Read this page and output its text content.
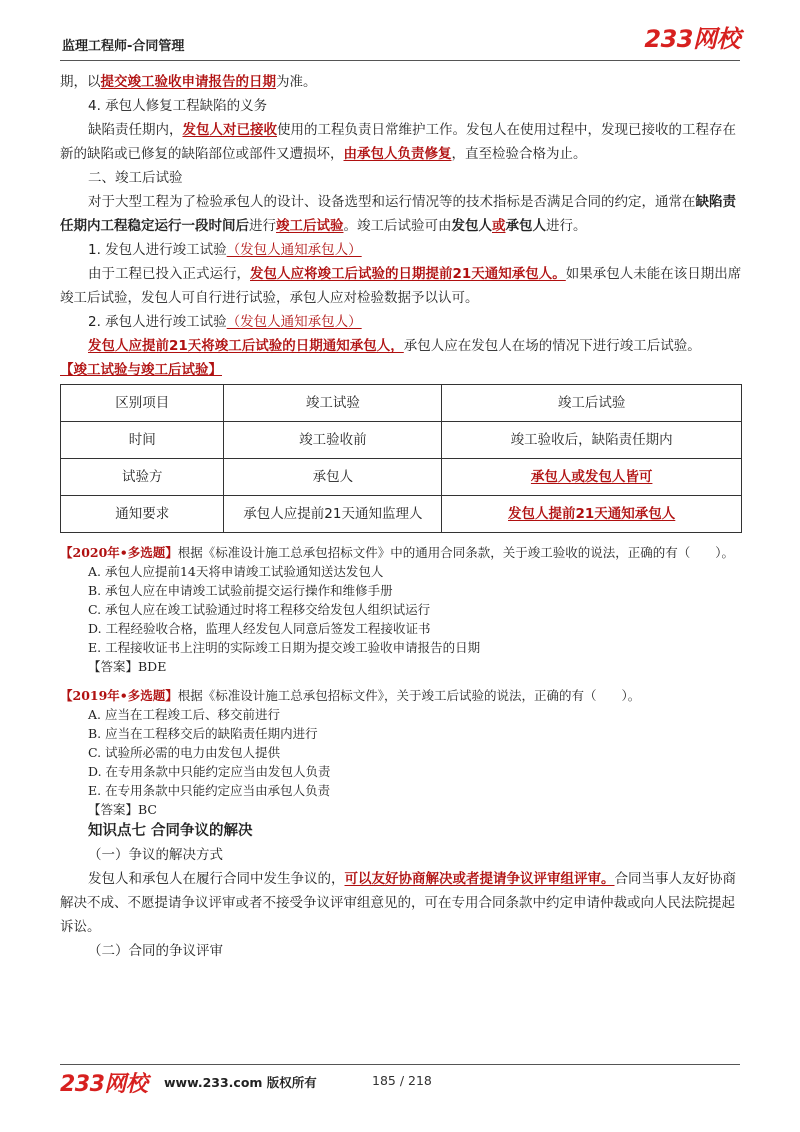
监理工程师-合同管理	233网校

期，以提交竣工验收申请报告的日期为准。

4. 承包人修复工程缺陷的义务

缺陷责任期内，发包人对已接收使用的工程负责日常维护工作。发包人在使用过程中，发现已接收的工程存在新的缺陷或已修复的缺陷部位或部件又遭损坏，由承包人负责修复，直至检验合格为止。

二、竣工后试验

对于大型工程为了检验承包人的设计、设备选型和运行情况等的技术指标是否满足合同的约定，通常在缺陷责任期内工程稳定运行一段时间后进行竣工后试验。竣工后试验可由发包人或承包人进行。

1. 发包人进行竣工试验（发包人通知承包人）

由于工程已投入正式运行，发包人应将竣工后试验的日期提前21天通知承包人。如果承包人未能在该日期出席竣工后试验，发包人可自行进行试验，承包人应对检验数据予以认可。

2. 承包人进行竣工试验（发包人通知承包人）

发包人应提前21天将竣工后试验的日期通知承包人，承包人应在发包人在场的情况下进行竣工后试验。

【竣工试验与竣工后试验】

区别项目	竣工试验	竣工后试验
时间	竣工验收前	竣工验收后，缺陷责任期内
试验方	承包人	承包人或发包人皆可
通知要求	承包人应提前21天通知监理人	发包人提前21天通知承包人

【2020年•多选题】根据《标准设计施工总承包招标文件》中的通用合同条款，关于竣工验收的说法，正确的有（　　）。

A. 承包人应提前14天将申请竣工试验通知送达发包人

B. 承包人应在申请竣工试验前提交运行操作和维修手册

C. 承包人应在竣工试验通过时将工程移交给发包人组织试运行

D. 工程经验收合格，监理人经发包人同意后签发工程接收证书

E. 工程接收证书上注明的实际竣工日期为提交竣工验收申请报告的日期

【答案】BDE

【2019年•多选题】根据《标准设计施工总承包招标文件》，关于竣工后试验的说法，正确的有（　　）。

A. 应当在工程竣工后、移交前进行

B. 应当在工程移交后的缺陷责任期内进行

C. 试验所必需的电力由发包人提供

D. 在专用条款中只能约定应当由发包人负责

E. 在专用条款中只能约定应当由承包人负责

【答案】BC

知识点七 合同争议的解决

（一）争议的解决方式

发包人和承包人在履行合同中发生争议的，可以友好协商解决或者提请争议评审组评审。合同当事人友好协商解决不成、不愿提请争议评审或者不接受争议评审组意见的，可在专用合同条款中约定申请仲裁或向人民法院提起诉讼。

（二）合同的争议评审

233网校 www.233.com 版权所有	185 / 218
